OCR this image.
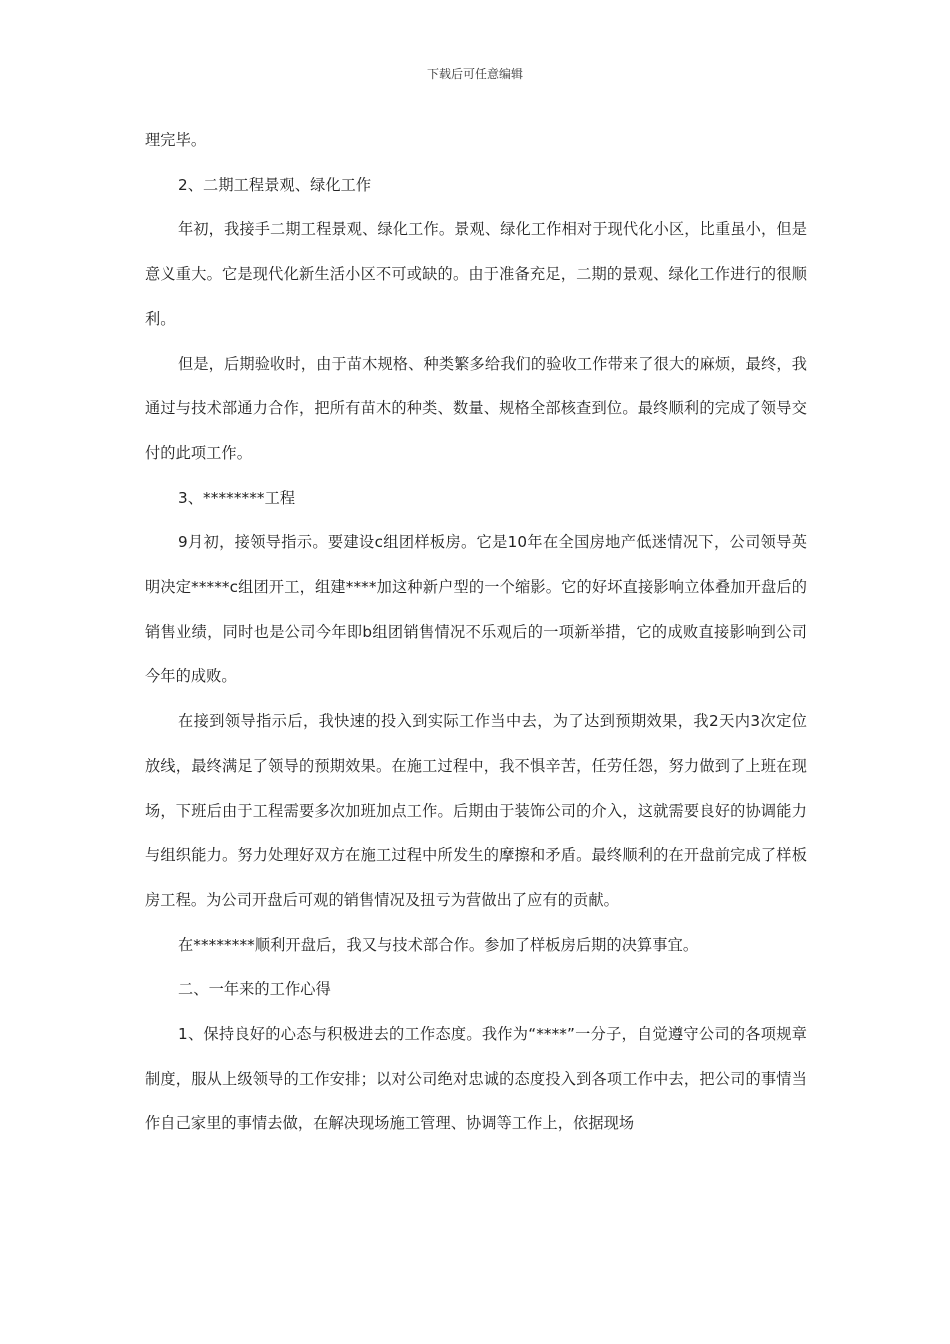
下载后可任意编辑

理完毕。

2、二期工程景观、绿化工作

年初，我接手二期工程景观、绿化工作。景观、绿化工作相对于现代化小区，比重虽小，但是意义重大。它是现代化新生活小区不可或缺的。由于准备充足，二期的景观、绿化工作进行的很顺利。

但是，后期验收时，由于苗木规格、种类繁多给我们的验收工作带来了很大的麻烦，最终，我通过与技术部通力合作，把所有苗木的种类、数量、规格全部核查到位。最终顺利的完成了领导交付的此项工作。

3、********工程

9月初，接领导指示。要建设c组团样板房。它是10年在全国房地产低迷情况下，公司领导英明决定*****c组团开工，组建****加这种新户型的一个缩影。它的好坏直接影响立体叠加开盘后的销售业绩，同时也是公司今年即b组团销售情况不乐观后的一项新举措，它的成败直接影响到公司今年的成败。

在接到领导指示后，我快速的投入到实际工作当中去，为了达到预期效果，我2天内3次定位放线，最终满足了领导的预期效果。在施工过程中，我不惧辛苦，任劳任怨，努力做到了上班在现场，下班后由于工程需要多次加班加点工作。后期由于装饰公司的介入，这就需要良好的协调能力与组织能力。努力处理好双方在施工过程中所发生的摩擦和矛盾。最终顺利的在开盘前完成了样板房工程。为公司开盘后可观的销售情况及扭亏为营做出了应有的贡献。

在********顺利开盘后，我又与技术部合作。参加了样板房后期的决算事宜。

二、一年来的工作心得

1、保持良好的心态与积极进去的工作态度。我作为“****”一分子，自觉遵守公司的各项规章制度，服从上级领导的工作安排；以对公司绝对忠诚的态度投入到各项工作中去，把公司的事情当作自己家里的事情去做，在解决现场施工管理、协调等工作上，依据现场
